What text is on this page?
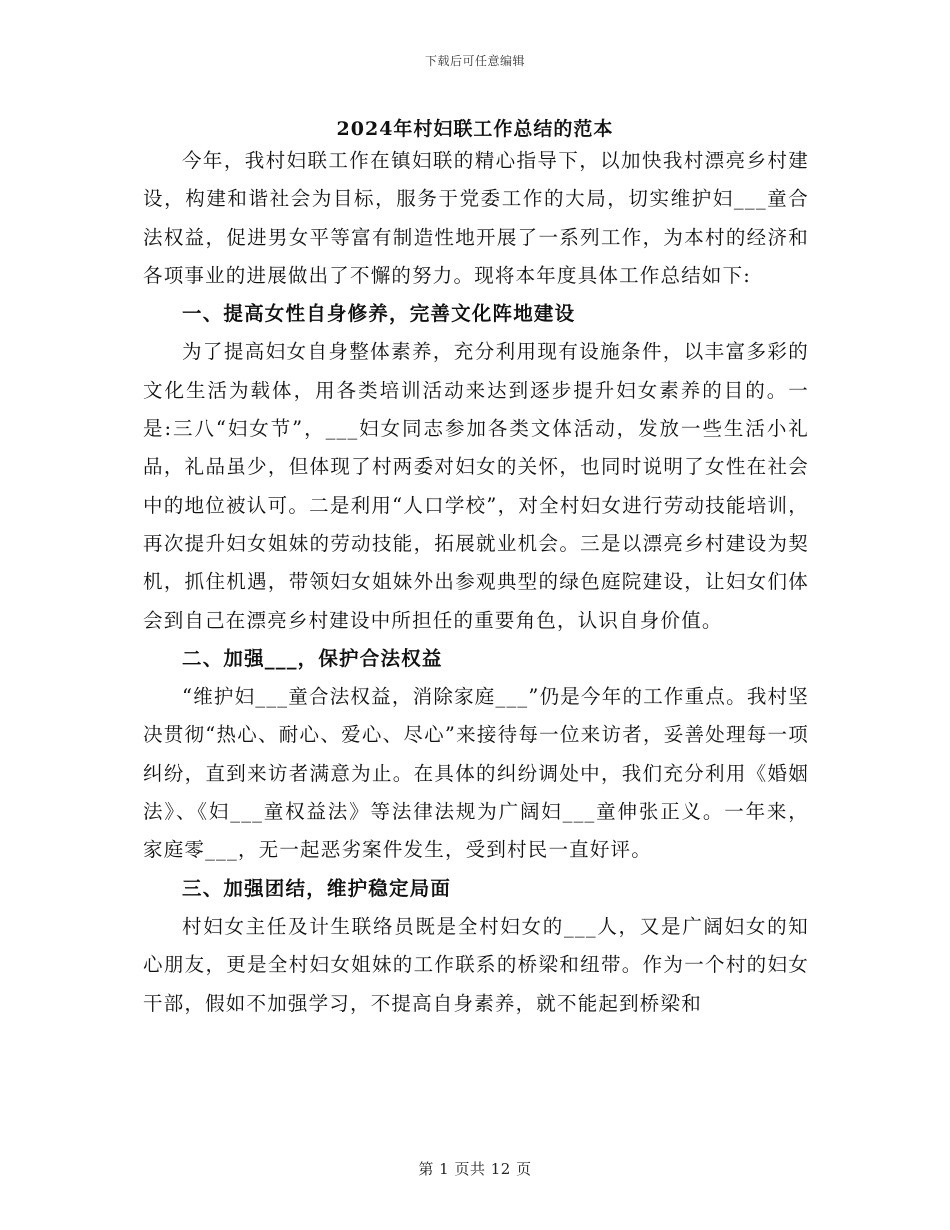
下载后可任意编辑
2024年村妇联工作总结的范本

今年，我村妇联工作在镇妇联的精心指导下，以加快我村漂亮乡村建设，构建和谐社会为目标，服务于党委工作的大局，切实维护妇___童合法权益，促进男女平等富有制造性地开展了一系列工作，为本村的经济和各项事业的进展做出了不懈的努力。现将本年度具体工作总结如下:

一、提高女性自身修养，完善文化阵地建设

为了提高妇女自身整体素养，充分利用现有设施条件，以丰富多彩的文化生活为载体，用各类培训活动来达到逐步提升妇女素养的目的。一是:三八“妇女节”，___妇女同志参加各类文体活动，发放一些生活小礼品，礼品虽少，但体现了村两委对妇女的关怀，也同时说明了女性在社会中的地位被认可。二是利用“人口学校”，对全村妇女进行劳动技能培训，再次提升妇女姐妹的劳动技能，拓展就业机会。三是以漂亮乡村建设为契机，抓住机遇，带领妇女姐妹外出参观典型的绿色庭院建设，让妇女们体会到自己在漂亮乡村建设中所担任的重要角色，认识自身价值。

二、加强___，保护合法权益

“维护妇___童合法权益，消除家庭___”仍是今年的工作重点。我村坚决贯彻“热心、耐心、爱心、尽心”来接待每一位来访者，妥善处理每一项纠纷，直到来访者满意为止。在具体的纠纷调处中，我们充分利用《婚姻法》、《妇___童权益法》等法律法规为广阔妇___童伸张正义。一年来，家庭零___，无一起恶劣案件发生，受到村民一直好评。

三、加强团结，维护稳定局面

村妇女主任及计生联络员既是全村妇女的___人，又是广阔妇女的知心朋友，更是全村妇女姐妹的工作联系的桥梁和纽带。作为一个村的妇女干部，假如不加强学习，不提高自身素养，就不能起到桥梁和

第 1 页共 12 页
